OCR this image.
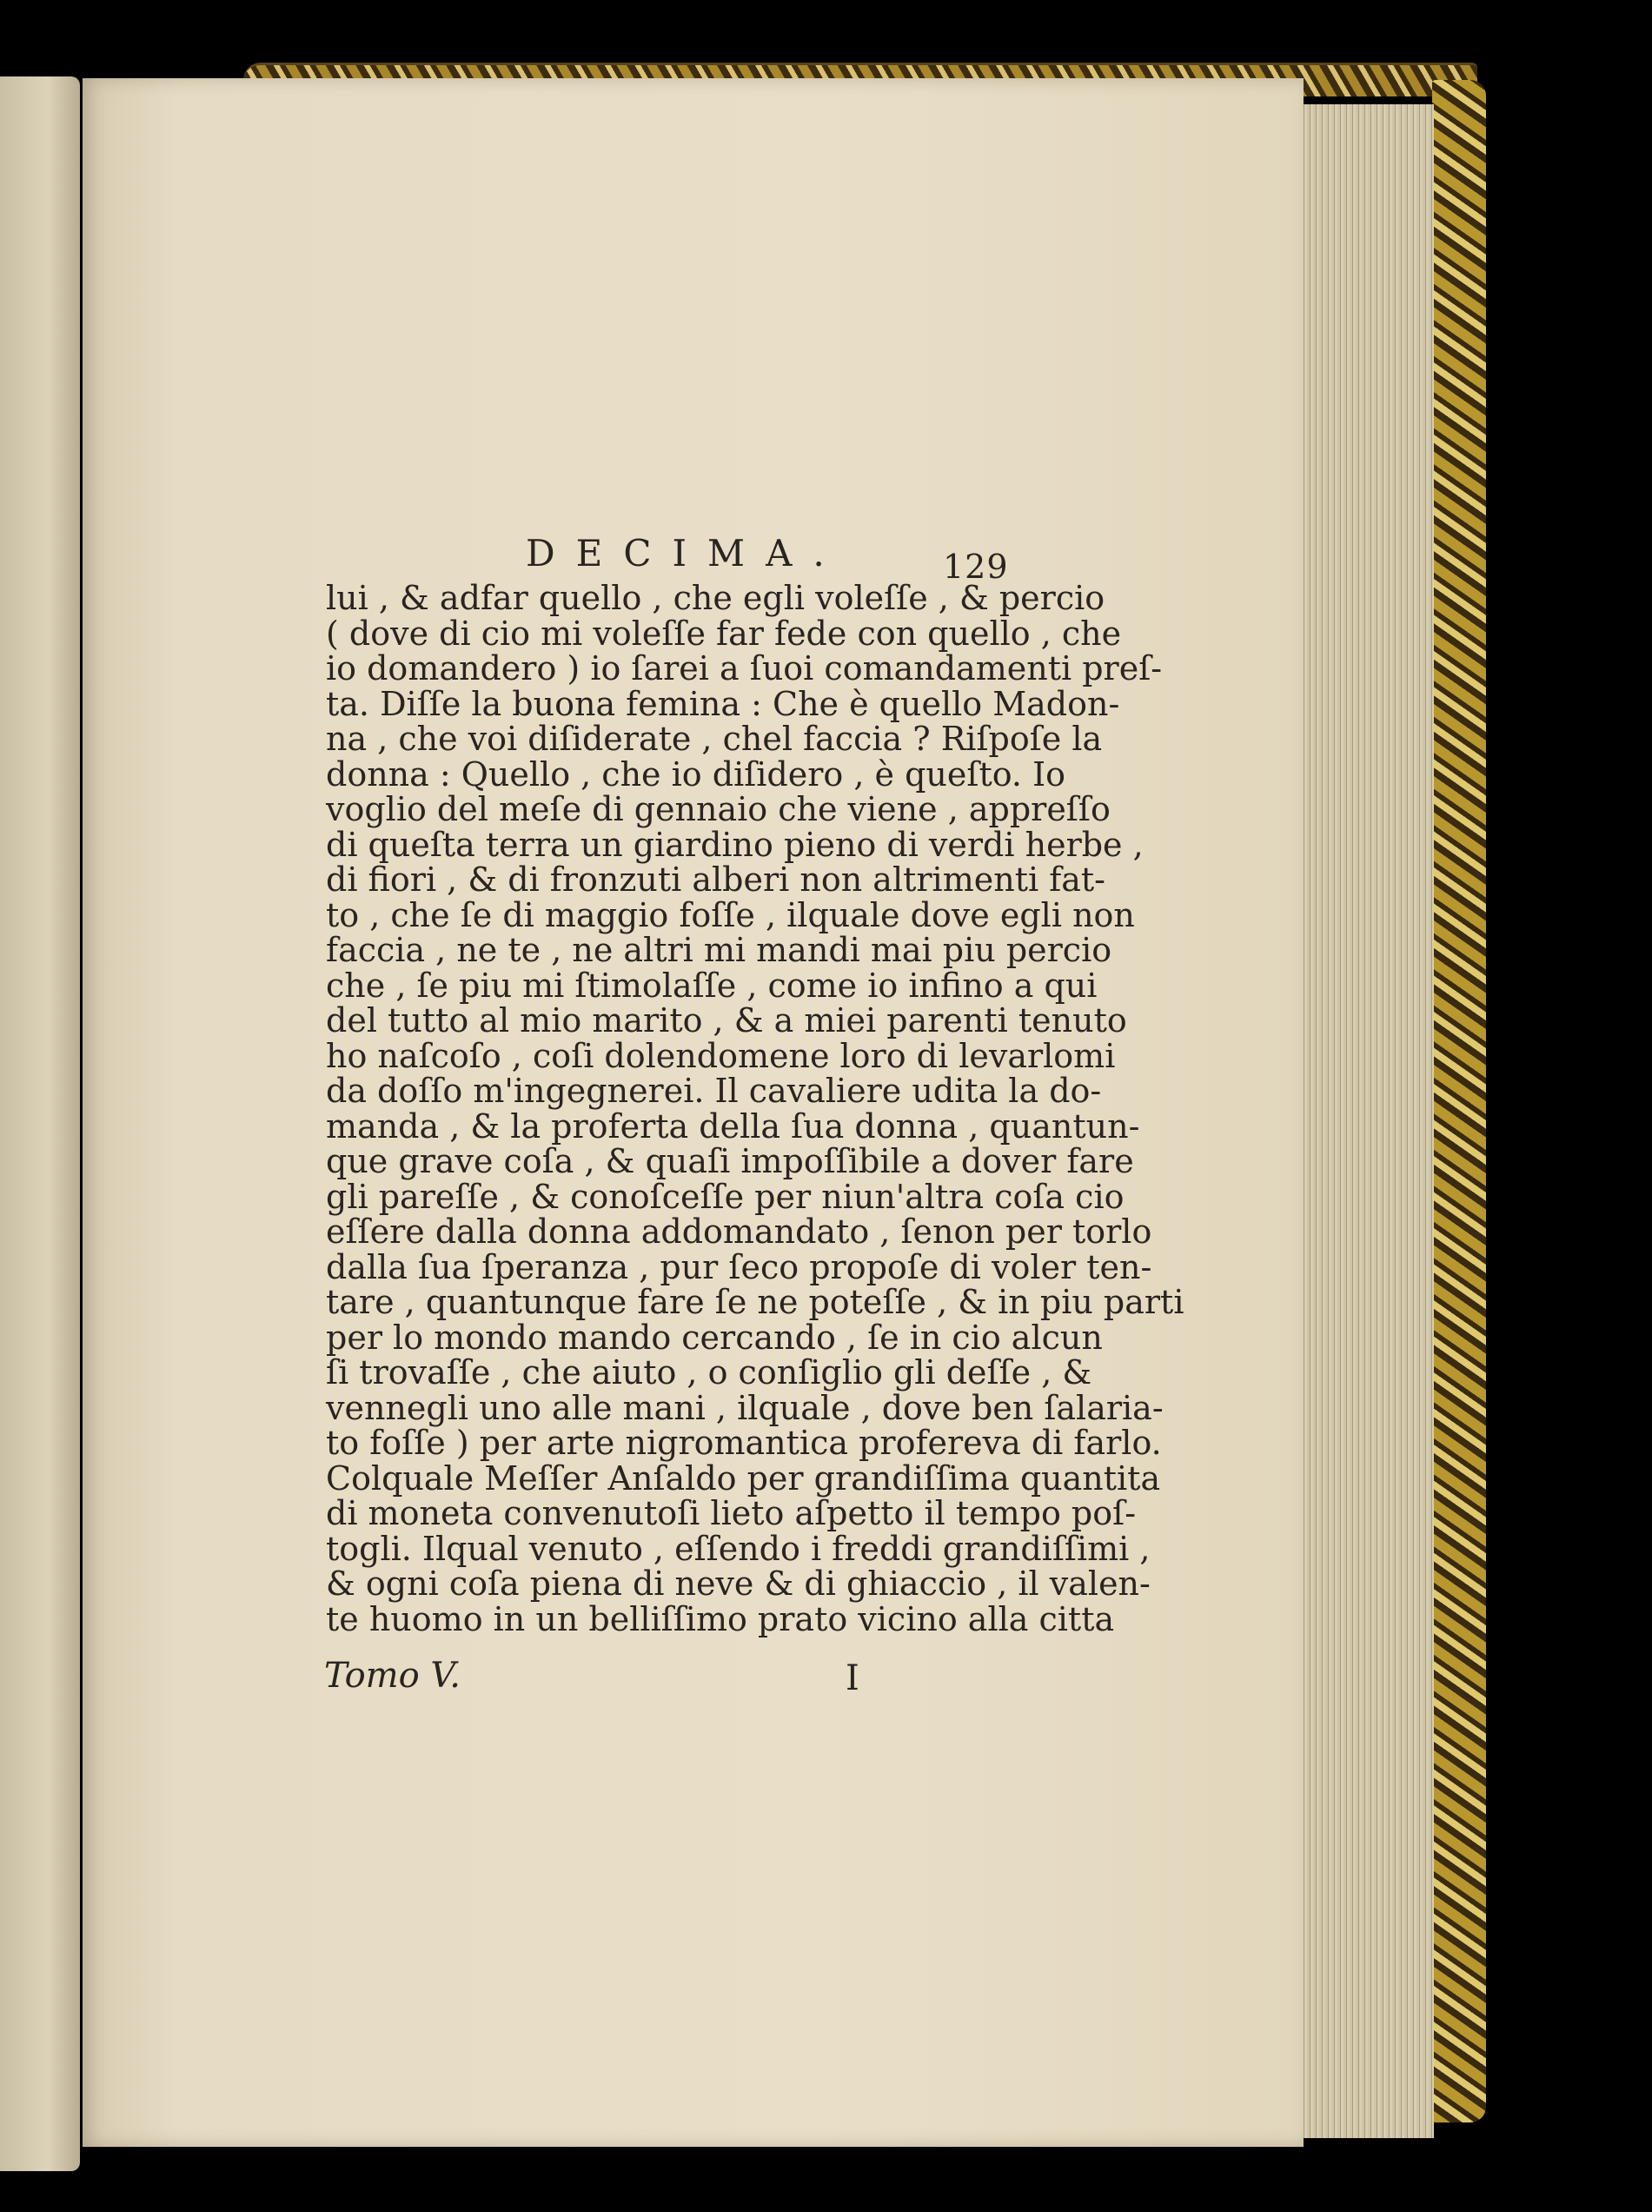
DECIMA.	129
lui , & adfar quello , che egli voleſſe , & percio
( dove di cio mi voleſſe far fede con quello , che
io domandero ) io ſarei a ſuoi comandamenti preſ-
ta. Diſſe la buona femina : Che è quello Madon-
na , che voi diſiderate , chel faccia ? Riſpoſe la
donna : Quello , che io diſidero , è queſto. Io
voglio del meſe di gennaio che viene , appreſſo
di queſta terra un giardino pieno di verdi herbe ,
di fiori , & di fronzuti alberi non altrimenti fat-
to , che ſe di maggio foſſe , ilquale dove egli non
faccia , ne te , ne altri mi mandi mai piu percio
che , ſe piu mi ſtimolaſſe , come io infino a qui
del tutto al mio marito , & a miei parenti tenuto
ho naſcoſo , coſi dolendomene loro di levarlomi
da doſſo m'ingegnerei. Il cavaliere udita la do-
manda , & la proferta della ſua donna , quantun-
que grave coſa , & quaſi impoſſibile a dover fare
gli pareſſe , & conoſceſſe per niun'altra coſa cio
eſſere dalla donna addomandato , ſenon per torlo
dalla ſua ſperanza , pur ſeco propoſe di voler ten-
tare , quantunque fare ſe ne poteſſe , & in piu parti
per lo mondo mando cercando , ſe in cio alcun
ſi trovaſſe , che aiuto , o conſiglio gli deſſe , &
vennegli uno alle mani , ilquale , dove ben ſalaria-
to foſſe ) per arte nigromantica profereva di farlo.
Colquale Meſſer Anſaldo per grandiſſima quantita
di moneta convenutoſi lieto aſpetto il tempo poſ-
togli. Ilqual venuto , eſſendo i freddi grandiſſimi ,
& ogni coſa piena di neve & di ghiaccio , il valen-
te huomo in un belliſſimo prato vicino alla citta
Tomo V.	I
